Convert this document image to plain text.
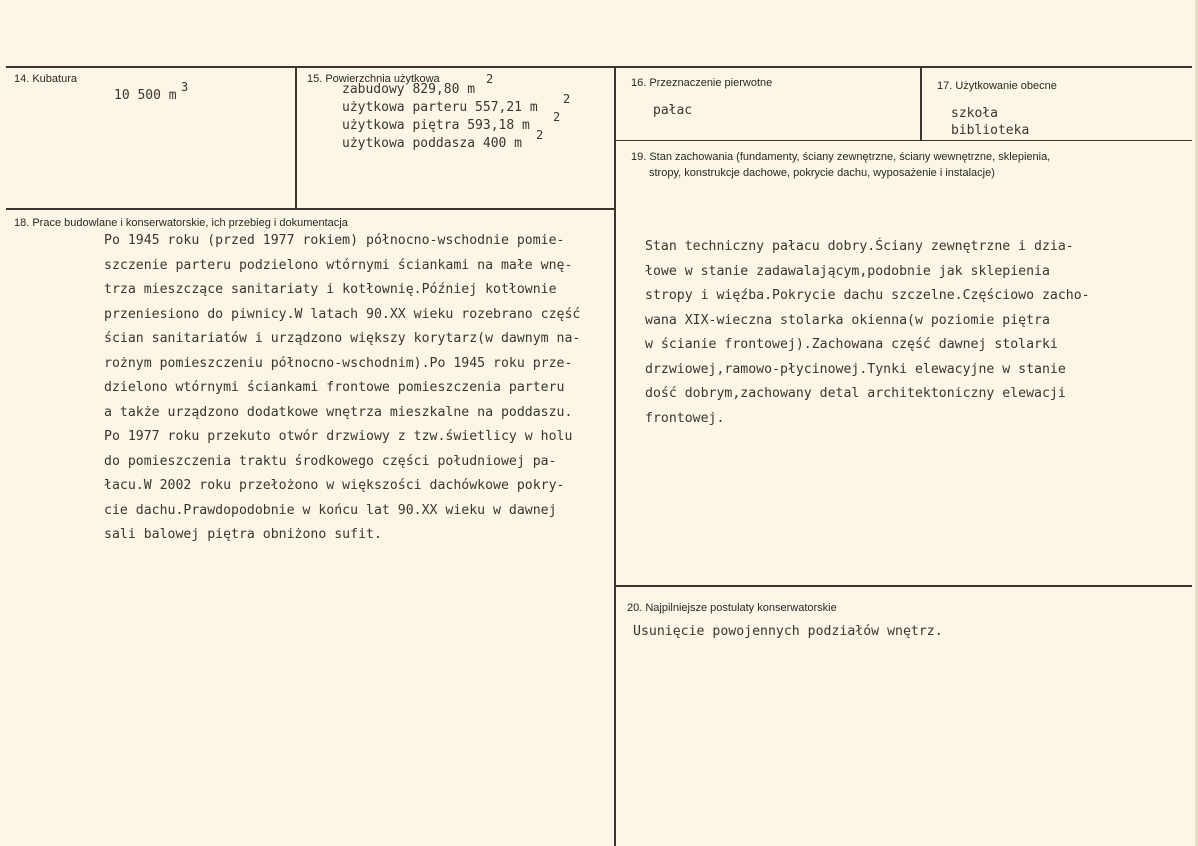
14. Kubatura
10 500 m
3
15. Powierzchnia użytkowa	2
zabudowy 829,80 m
użytkowa parteru 557,21 m
2
użytkowa piętra 593,18 m
2
użytkowa poddasza 400 m
2
16. Przeznaczenie pierwotne
pałac
17. Użytkowanie obecne
szkoła
biblioteka
19. Stan zachowania (fundamenty, ściany zewnętrzne, ściany wewnętrzne, sklepienia,
stropy, konstrukcje dachowe, pokrycie dachu, wyposażenie i instalacje)
Stan techniczny pałacu dobry.Ściany zewnętrzne i dzia-
łowe w stanie zadawalającym,podobnie jak sklepienia
stropy i więźba.Pokrycie dachu szczelne.Częściowo zacho-
wana XIX-wieczna stolarka okienna(w poziomie piętra
w ścianie frontowej).Zachowana część dawnej stolarki
drzwiowej,ramowo-płycinowej.Tynki elewacyjne w stanie
dość dobrym,zachowany detal architektoniczny elewacji
frontowej.
18. Prace budowlane i konserwatorskie, ich przebieg i dokumentacja
Po 1945 roku (przed 1977 rokiem) północno-wschodnie pomie-
szczenie parteru podzielono wtórnymi ściankami na małe wnę-
trza mieszczące sanitariaty i kotłownię.Później kotłownie
przeniesiono do piwnicy.W latach 90.XX wieku rozebrano część
ścian sanitariatów i urządzono większy korytarz(w dawnym na-
rożnym pomieszczeniu północno-wschodnim).Po 1945 roku prze-
dzielono wtórnymi ściankami frontowe pomieszczenia parteru
a także urządzono dodatkowe wnętrza mieszkalne na poddaszu.
Po 1977 roku przekuto otwór drzwiowy z tzw.świetlicy w holu
do pomieszczenia traktu środkowego części południowej pa-
łacu.W 2002 roku przełożono w większości dachówkowe pokry-
cie dachu.Prawdopodobnie w końcu lat 90.XX wieku w dawnej
sali balowej piętra obniżono sufit.
20. Najpilniejsze postulaty konserwatorskie
Usunięcie powojennych podziałów wnętrz.
